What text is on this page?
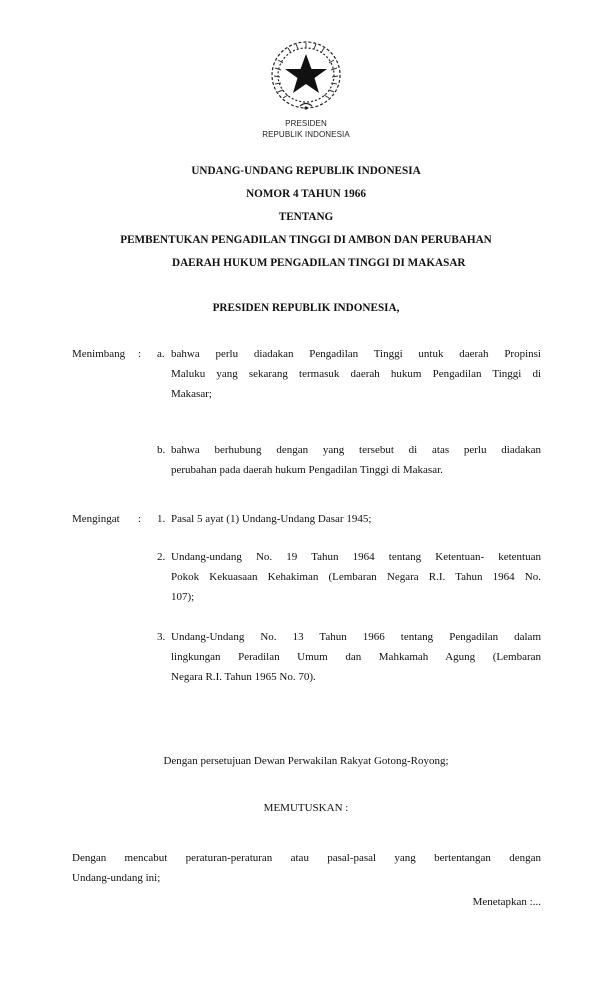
PRESIDEN
REPUBLIK INDONESIA
UNDANG-UNDANG REPUBLIK INDONESIA
NOMOR 4 TAHUN 1966
TENTANG
PEMBENTUKAN PENGADILAN TINGGI DI AMBON DAN PERUBAHAN
DAERAH HUKUM PENGADILAN TINGGI DI MAKASAR
PRESIDEN REPUBLIK INDONESIA,
Menimbang : a. bahwa perlu diadakan Pengadilan Tinggi untuk daerah Propinsi
Maluku yang sekarang termasuk daerah hukum Pengadilan Tinggi di
Makasar;
b. bahwa berhubung dengan yang tersebut di atas perlu diadakan
perubahan pada daerah hukum Pengadilan Tinggi di Makasar.
Mengingat : 1. Pasal 5 ayat (1) Undang-Undang Dasar 1945;
2. Undang-undang No. 19 Tahun 1964 tentang Ketentuan- ketentuan
Pokok Kekuasaan Kehakiman (Lembaran Negara R.I. Tahun 1964 No.
107);
3. Undang-Undang No. 13 Tahun 1966 tentang Pengadilan dalam
lingkungan Peradilan Umum dan Mahkamah Agung (Lembaran
Negara R.I. Tahun 1965 No. 70).
Dengan persetujuan Dewan Perwakilan Rakyat Gotong-Royong;
MEMUTUSKAN :
Dengan mencabut peraturan-peraturan atau pasal-pasal yang bertentangan dengan
Undang-undang ini;
Menetapkan :...
